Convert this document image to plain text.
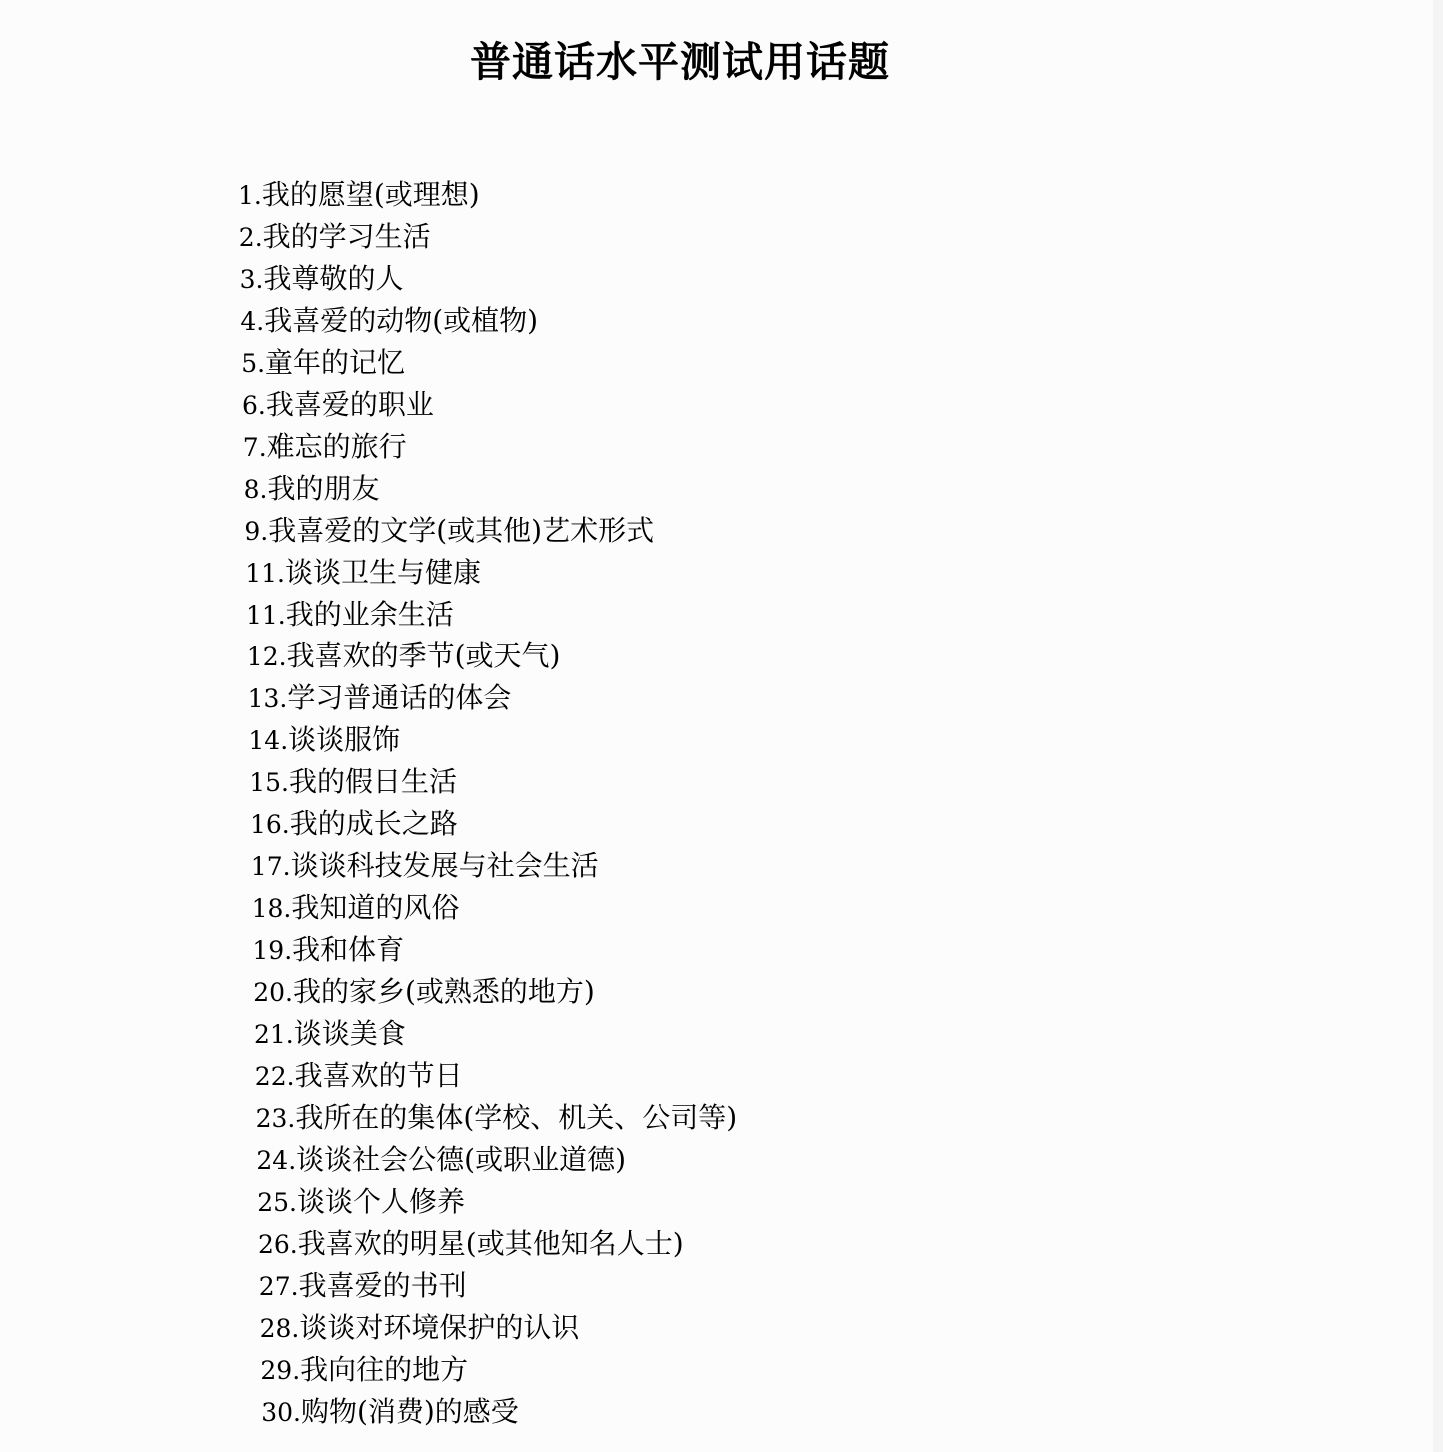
普通话水平测试用话题
1.我的愿望(或理想)
2.我的学习生活
3.我尊敬的人
4.我喜爱的动物(或植物)
5.童年的记忆
6.我喜爱的职业
7.难忘的旅行
8.我的朋友
9.我喜爱的文学(或其他)艺术形式
11.谈谈卫生与健康
11.我的业余生活
12.我喜欢的季节(或天气)
13.学习普通话的体会
14.谈谈服饰
15.我的假日生活
16.我的成长之路
17.谈谈科技发展与社会生活
18.我知道的风俗
19.我和体育
20.我的家乡(或熟悉的地方)
21.谈谈美食
22.我喜欢的节日
23.我所在的集体(学校、机关、公司等)
24.谈谈社会公德(或职业道德)
25.谈谈个人修养
26.我喜欢的明星(或其他知名人士)
27.我喜爱的书刊
28.谈谈对环境保护的认识
29.我向往的地方
30.购物(消费)的感受
